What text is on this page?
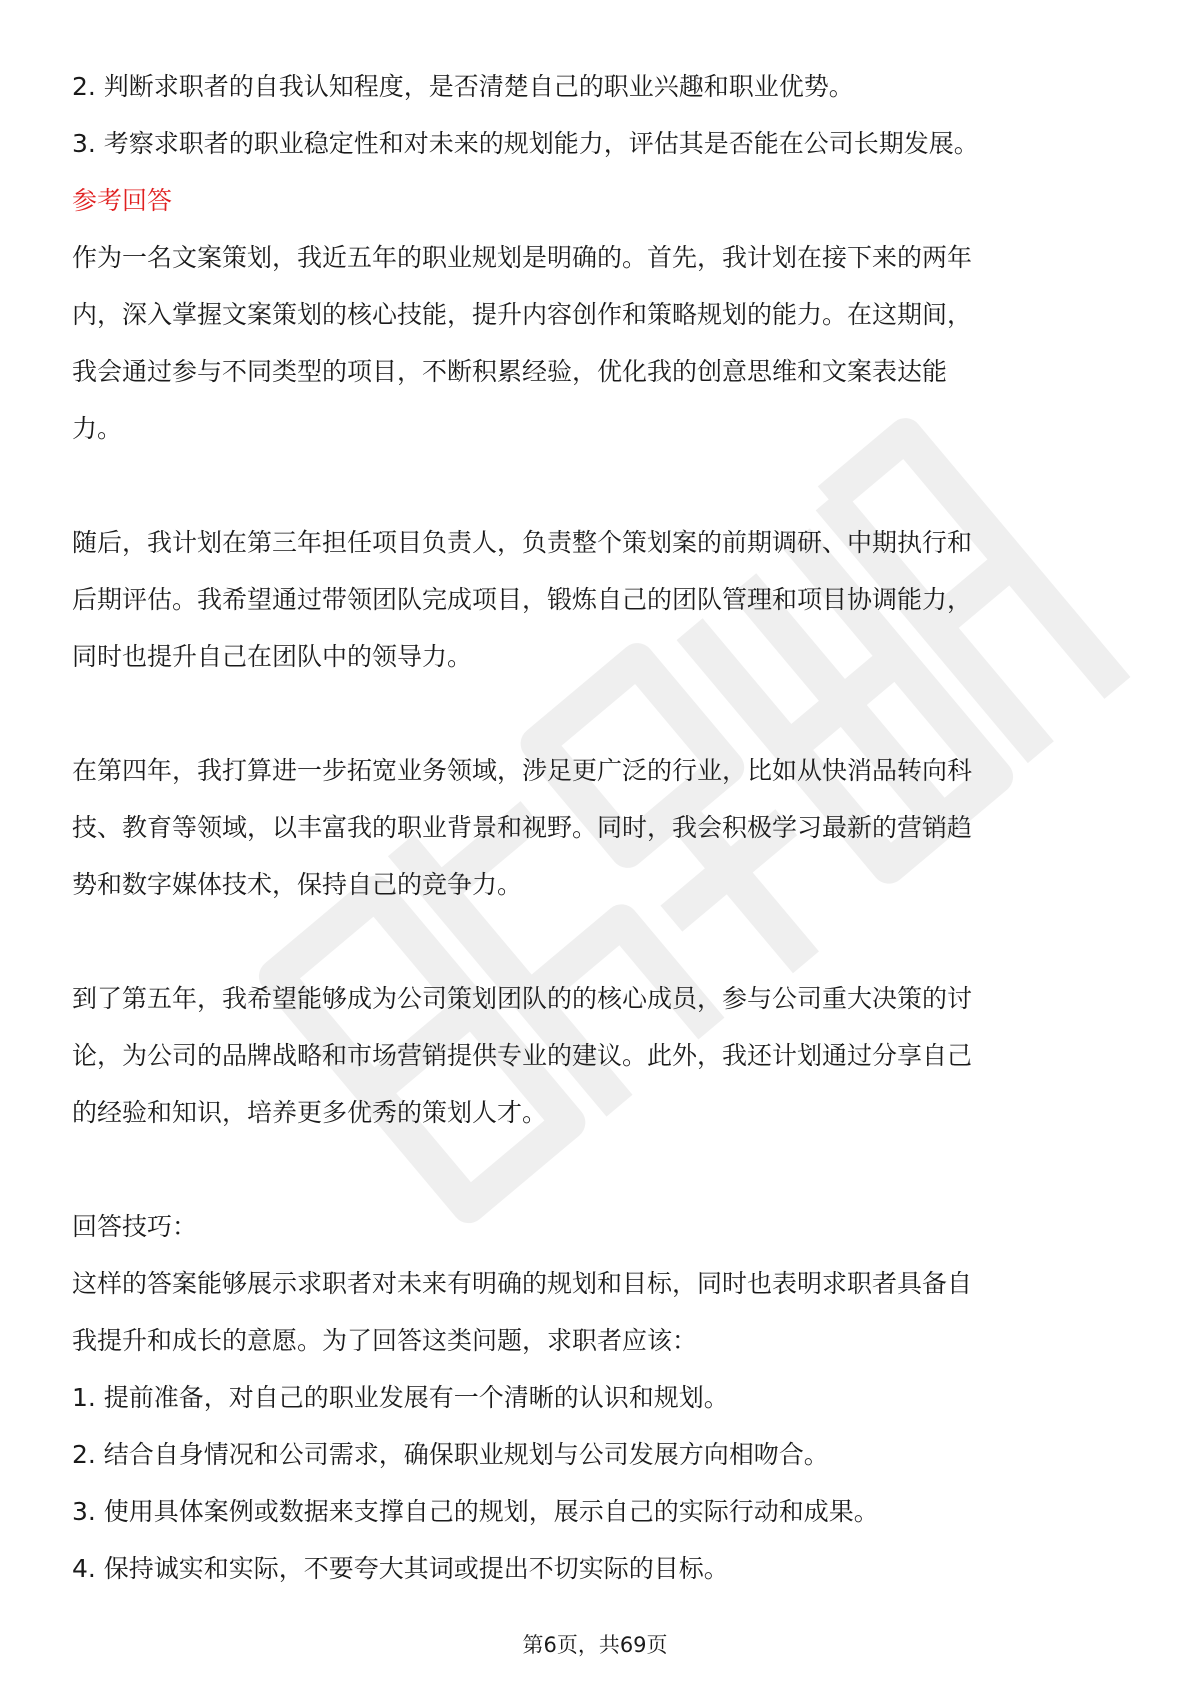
2. 判断求职者的自我认知程度，是否清楚自己的职业兴趣和职业优势。
3. 考察求职者的职业稳定性和对未来的规划能力，评估其是否能在公司长期发展。
参考回答

作为一名文案策划，我近五年的职业规划是明确的。首先，我计划在接下来的两年

内，深入掌握文案策划的核心技能，提升内容创作和策略规划的能力。在这期间，

我会通过参与不同类型的项目，不断积累经验，优化我的创意思维和文案表达能

力。

随后，我计划在第三年担任项目负责人，负责整个策划案的前期调研、中期执行和

后期评估。我希望通过带领团队完成项目，锻炼自己的团队管理和项目协调能力，

同时也提升自己在团队中的领导力。

在第四年，我打算进一步拓宽业务领域，涉足更广泛的行业，比如从快消品转向科

技、教育等领域，以丰富我的职业背景和视野。同时，我会积极学习最新的营销趋

势和数字媒体技术，保持自己的竞争力。

到了第五年，我希望能够成为公司策划团队的的核心成员，参与公司重大决策的讨

论，为公司的品牌战略和市场营销提供专业的建议。此外，我还计划通过分享自己

的经验和知识，培养更多优秀的策划人才。

回答技巧：

这样的答案能够展示求职者对未来有明确的规划和目标，同时也表明求职者具备自

我提升和成长的意愿。为了回答这类问题，求职者应该：

1. 提前准备，对自己的职业发展有一个清晰的认识和规划。
2. 结合自身情况和公司需求，确保职业规划与公司发展方向相吻合。
3. 使用具体案例或数据来支撑自己的规划，展示自己的实际行动和成果。
4. 保持诚实和实际，不要夸大其词或提出不切实际的目标。
第6页，共69页
